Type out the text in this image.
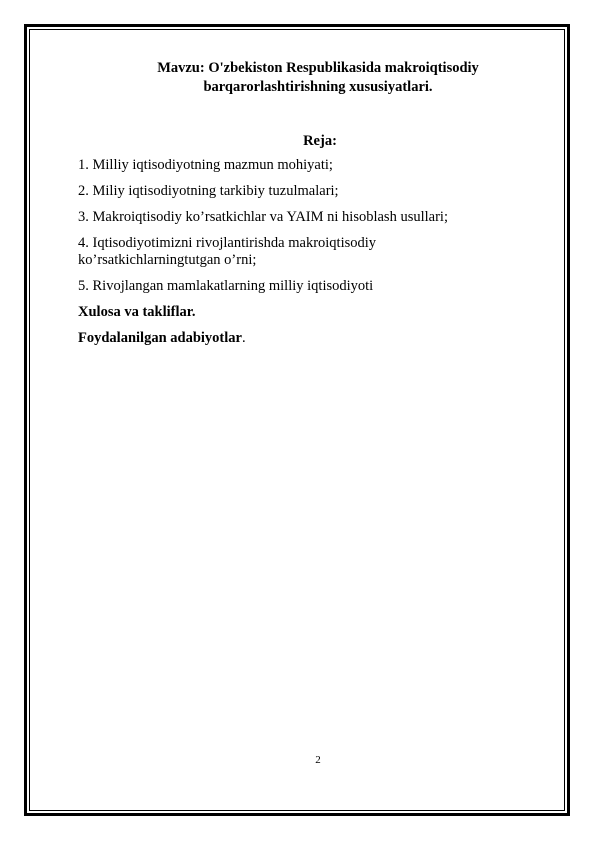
Mavzu: O'zbekiston Respublikasida makroiqtisodiy
barqarorlashtirishning xususiyatlari.
Reja:
1. Milliy iqtisodiyotning mazmun mohiyati;
2. Miliy iqtisodiyotning tarkibiy tuzulmalari;
3. Makroiqtisodiy ko’rsatkichlar va YAIM ni hisoblash usullari;
4. Iqtisodiyotimizni rivojlantirishda makroiqtisodiy ko’rsatkichlarningtutgan o’rni;
5. Rivojlangan mamlakatlarning milliy iqtisodiyoti
Xulosa va takliflar.
Foydalanilgan adabiyotlar.
2
